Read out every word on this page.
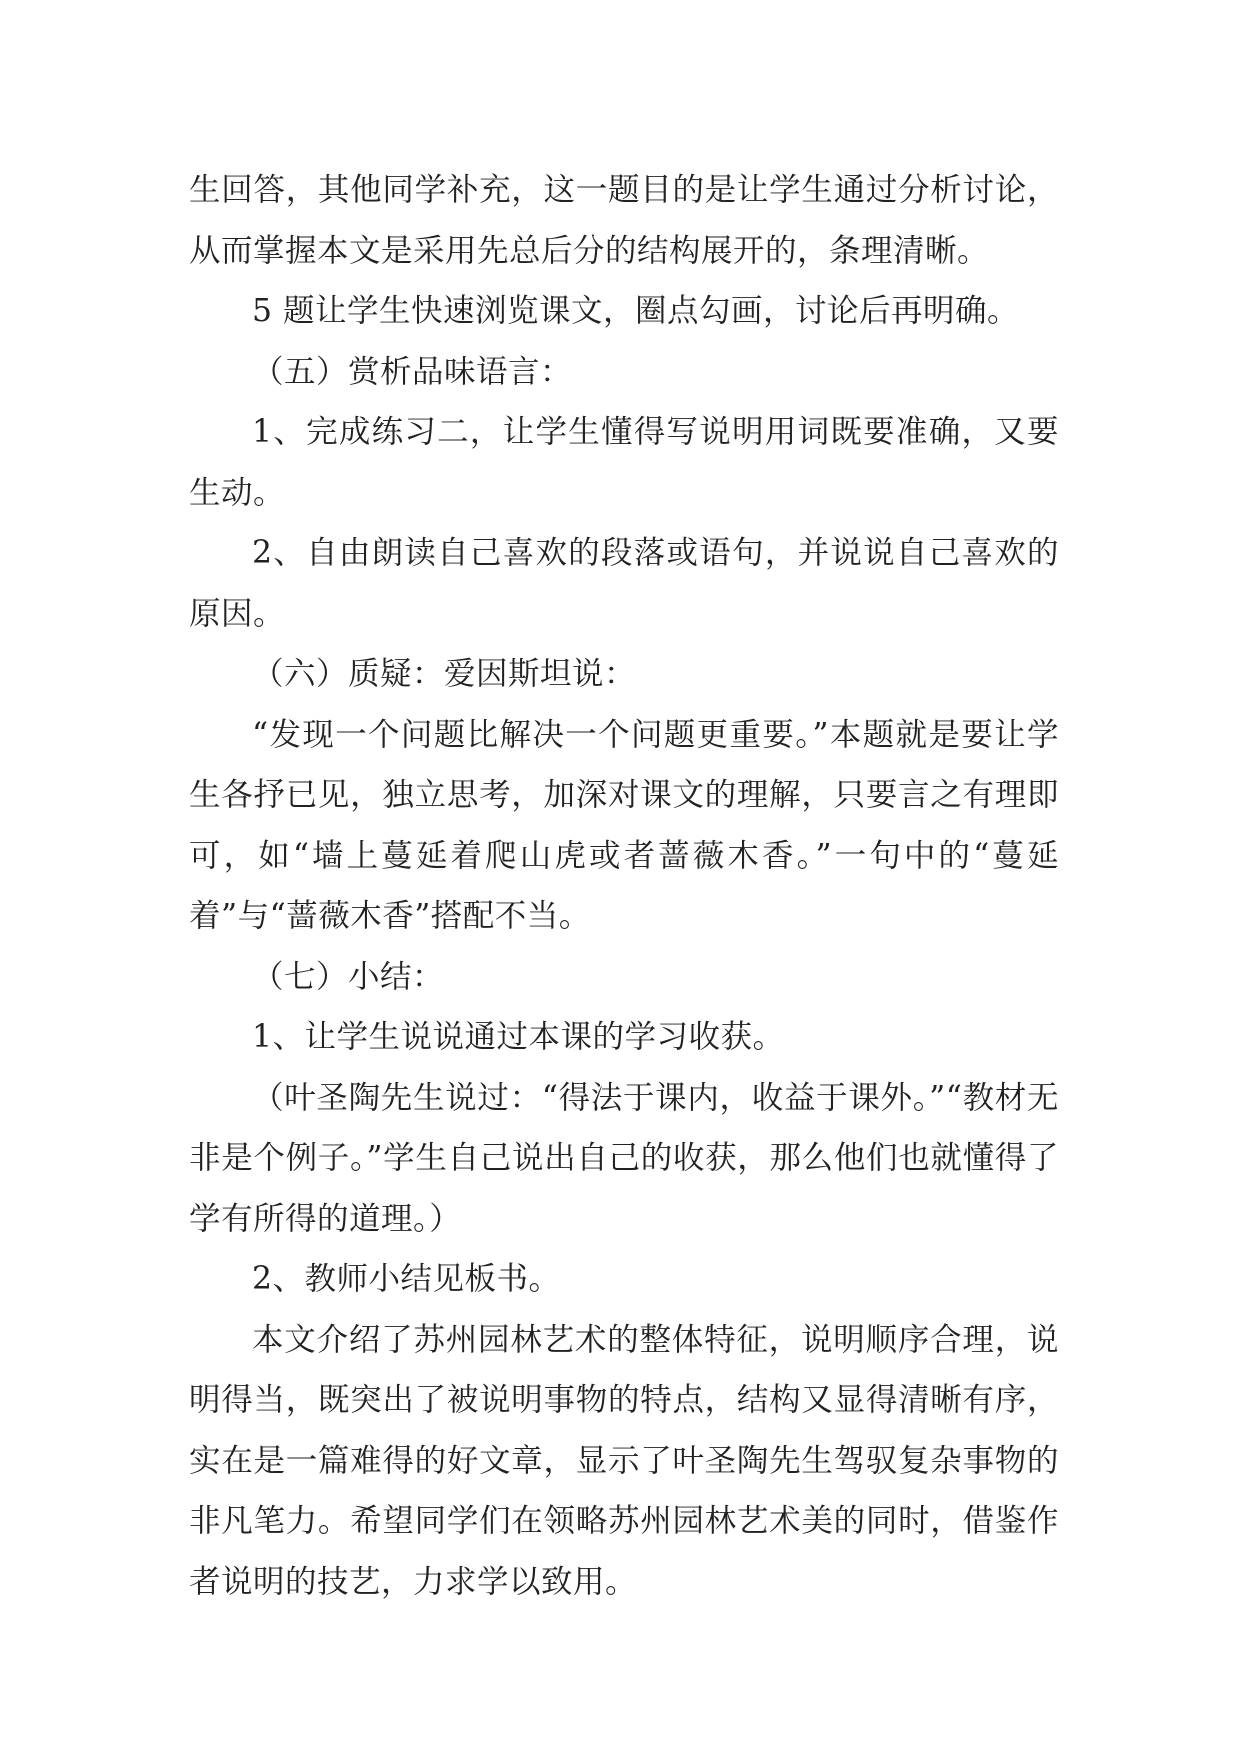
生回答，其他同学补充，这一题目的是让学生通过分析讨论，从而掌握本文是采用先总后分的结构展开的，条理清晰。

5 题让学生快速浏览课文，圈点勾画，讨论后再明确。

（五）赏析品味语言：

1、完成练习二，让学生懂得写说明用词既要准确，又要生动。

2、自由朗读自己喜欢的段落或语句，并说说自己喜欢的原因。

（六）质疑：爱因斯坦说：

“发现一个问题比解决一个问题更重要。”本题就是要让学生各抒已见，独立思考，加深对课文的理解，只要言之有理即可，如“墙上蔓延着爬山虎或者蔷薇木香。”一句中的“蔓延着”与“蔷薇木香”搭配不当。

（七）小结：

1、让学生说说通过本课的学习收获。

（叶圣陶先生说过：“得法于课内，收益于课外。”“教材无非是个例子。”学生自己说出自己的收获，那么他们也就懂得了学有所得的道理。）

2、教师小结见板书。

本文介绍了苏州园林艺术的整体特征，说明顺序合理，说明得当，既突出了被说明事物的特点，结构又显得清晰有序，实在是一篇难得的好文章，显示了叶圣陶先生驾驭复杂事物的非凡笔力。希望同学们在领略苏州园林艺术美的同时，借鉴作者说明的技艺，力求学以致用。
